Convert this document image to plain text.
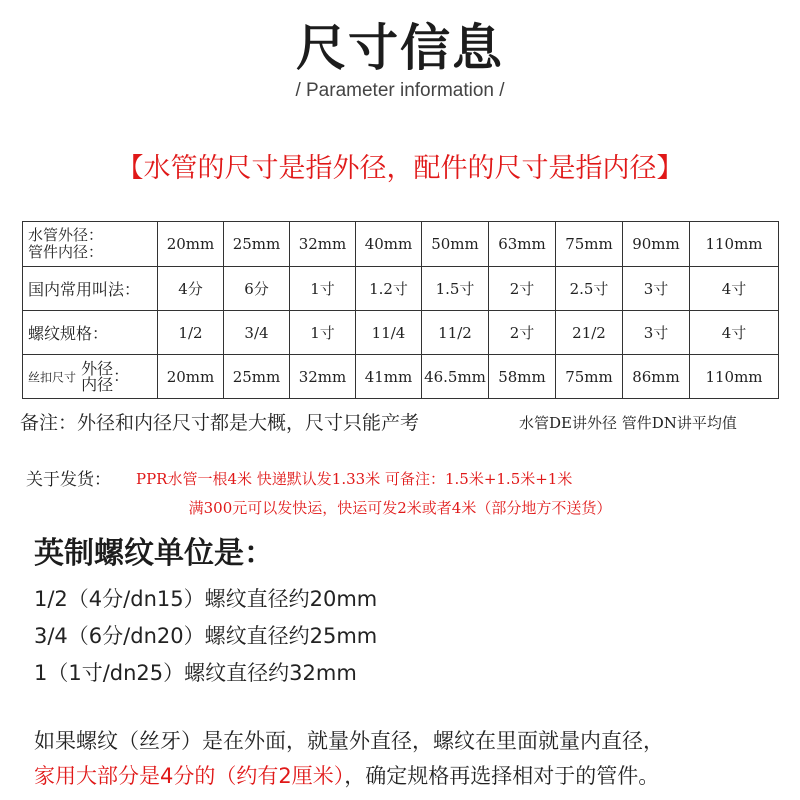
尺寸信息
/ Parameter information /
【水管的尺寸是指外径，配件的尺寸是指内径】
水管外径：
管件内径：	20mm	25mm	32mm	40mm	50mm	63mm	75mm	90mm	110mm
国内常用叫法：	4分	6分	1寸	1.2寸	1.5寸	2寸	2.5寸	3寸	4寸
螺纹规格：	1/2	3/4	1寸	11/4	11/2	2寸	21/2	3寸	4寸
丝扣尺寸 外径
内径 ：	20mm	25mm	32mm	41mm	46.5mm	58mm	75mm	86mm	110mm
备注：外径和内径尺寸都是大概，尺寸只能产考	水管DE讲外径 管件DN讲平均值
关于发货： PPR水管一根4米 快递默认发1.33米 可备注：1.5米+1.5米+1米
满300元可以发快运，快运可发2米或者4米（部分地方不送货）
英制螺纹单位是：
1/2（4分/dn15）螺纹直径约20mm
3/4（6分/dn20）螺纹直径约25mm
1（1寸/dn25）螺纹直径约32mm
如果螺纹（丝牙）是在外面，就量外直径，螺纹在里面就量内直径，
家用大部分是4分的（约有2厘米），确定规格再选择相对于的管件。
